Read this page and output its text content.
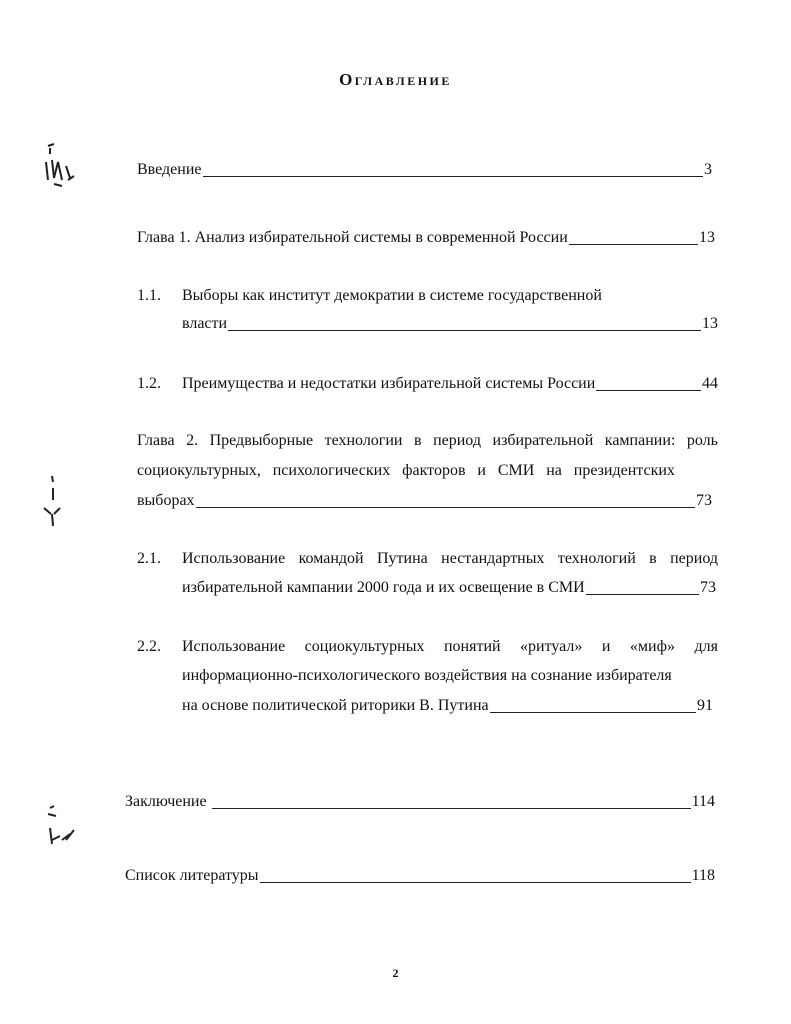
Оглавление
Введение	3
Глава 1. Анализ избирательной системы в современной России	13
1.1. Выборы как институт демократии в системе государственной
власти	13
1.2. Преимущества и недостатки избирательной системы России	44
Глава 2. Предвыборные технологии в период избирательной кампании: роль
социокультурных, психологических факторов и СМИ на президентских
выборах	73
2.1. Использование командой Путина нестандартных технологий в период
избирательной кампании 2000 года и их освещение в СМИ	73
2.2. Использование социокультурных понятий «ритуал» и «миф» для
информационно-психологического воздействия на сознание избирателя
на основе политической риторики В. Путина	91
Заключение	114
Список литературы	118
2
